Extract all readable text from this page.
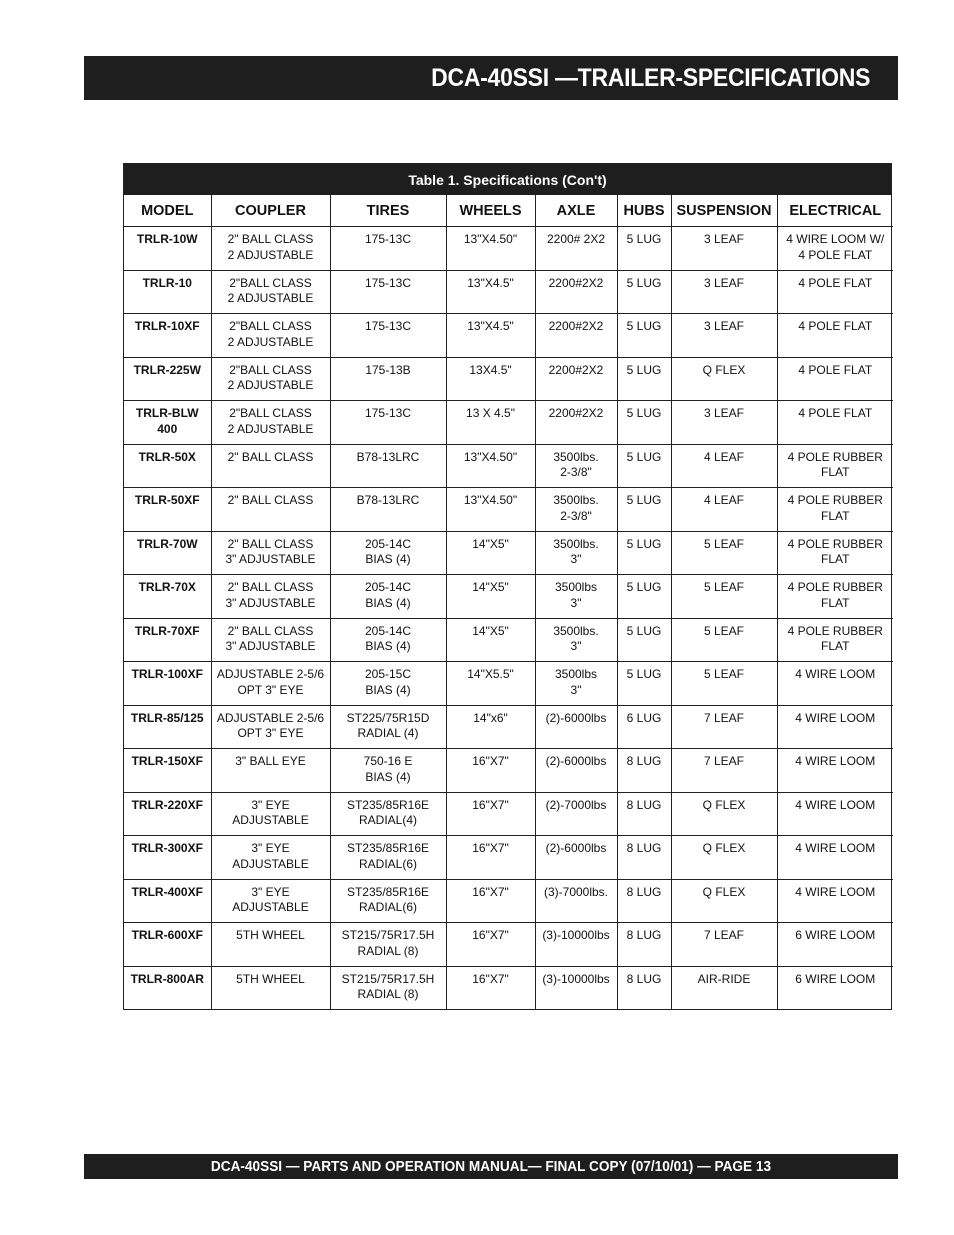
DCA-40SSI —TRAILER-SPECIFICATIONS
Table 1. Specifications (Con't)
MODEL	COUPLER	TIRES	WHEELS	AXLE	HUBS	SUSPENSION	ELECTRICAL

TRLR-10W	2" BALL CLASS
2 ADJUSTABLE	175-13C	13"X4.50"	2200# 2X2	5 LUG	3 LEAF	4 WIRE LOOM W/
4 POLE FLAT

TRLR-10	2"BALL CLASS
2 ADJUSTABLE	175-13C	13"X4.5"	2200#2X2	5 LUG	3 LEAF	4 POLE FLAT

TRLR-10XF	2"BALL CLASS
2 ADJUSTABLE	175-13C	13"X4.5"	2200#2X2	5 LUG	3 LEAF	4 POLE FLAT

TRLR-225W	2"BALL CLASS
2 ADJUSTABLE	175-13B	13X4.5"	2200#2X2	5 LUG	Q FLEX	4 POLE FLAT

TRLR-BLW
400	2"BALL CLASS
2 ADJUSTABLE	175-13C	13 X 4.5"	2200#2X2	5 LUG	3 LEAF	4 POLE FLAT

TRLR-50X	2" BALL CLASS	B78-13LRC	13"X4.50"	3500lbs.
2-3/8"	5 LUG	4 LEAF	4 POLE RUBBER
FLAT

TRLR-50XF	2" BALL CLASS	B78-13LRC	13"X4.50"	3500lbs.
2-3/8"	5 LUG	4 LEAF	4 POLE RUBBER
FLAT

TRLR-70W	2" BALL CLASS
3" ADJUSTABLE	205-14C
BIAS (4)	14"X5"	3500lbs.
3"	5 LUG	5 LEAF	4 POLE RUBBER
FLAT

TRLR-70X	2" BALL CLASS
3" ADJUSTABLE	205-14C
BIAS (4)	14"X5"	3500lbs
3"	5 LUG	5 LEAF	4 POLE RUBBER
FLAT

TRLR-70XF	2" BALL CLASS
3" ADJUSTABLE	205-14C
BIAS (4)	14"X5"	3500lbs.
3"	5 LUG	5 LEAF	4 POLE RUBBER
FLAT

TRLR-100XF	ADJUSTABLE 2-5/6
OPT 3" EYE	205-15C
BIAS (4)	14"X5.5"	3500lbs
3"	5 LUG	5 LEAF	4 WIRE LOOM

TRLR-85/125	ADJUSTABLE 2-5/6
OPT 3" EYE	ST225/75R15D
RADIAL (4)	14"x6"	(2)-6000lbs	6 LUG	7 LEAF	4 WIRE LOOM

TRLR-150XF	3" BALL EYE	750-16 E
BIAS (4)	16"X7"	(2)-6000lbs	8 LUG	7 LEAF	4 WIRE LOOM

TRLR-220XF	3" EYE
ADJUSTABLE	ST235/85R16E
RADIAL(4)	16"X7"	(2)-7000lbs	8 LUG	Q FLEX	4 WIRE LOOM

TRLR-300XF	3" EYE
ADJUSTABLE	ST235/85R16E
RADIAL(6)	16"X7"	(2)-6000lbs	8 LUG	Q FLEX	4 WIRE LOOM

TRLR-400XF	3" EYE
ADJUSTABLE	ST235/85R16E
RADIAL(6)	16"X7"	(3)-7000lbs.	8 LUG	Q FLEX	4 WIRE LOOM

TRLR-600XF	5TH WHEEL	ST215/75R17.5H
RADIAL (8)	16"X7"	(3)-10000lbs	8 LUG	7 LEAF	6 WIRE LOOM

TRLR-800AR	5TH WHEEL	ST215/75R17.5H
RADIAL (8)	16"X7"	(3)-10000lbs	8 LUG	AIR-RIDE	6 WIRE LOOM
DCA-40SSI — PARTS AND OPERATION MANUAL— FINAL COPY (07/10/01) — PAGE 13
